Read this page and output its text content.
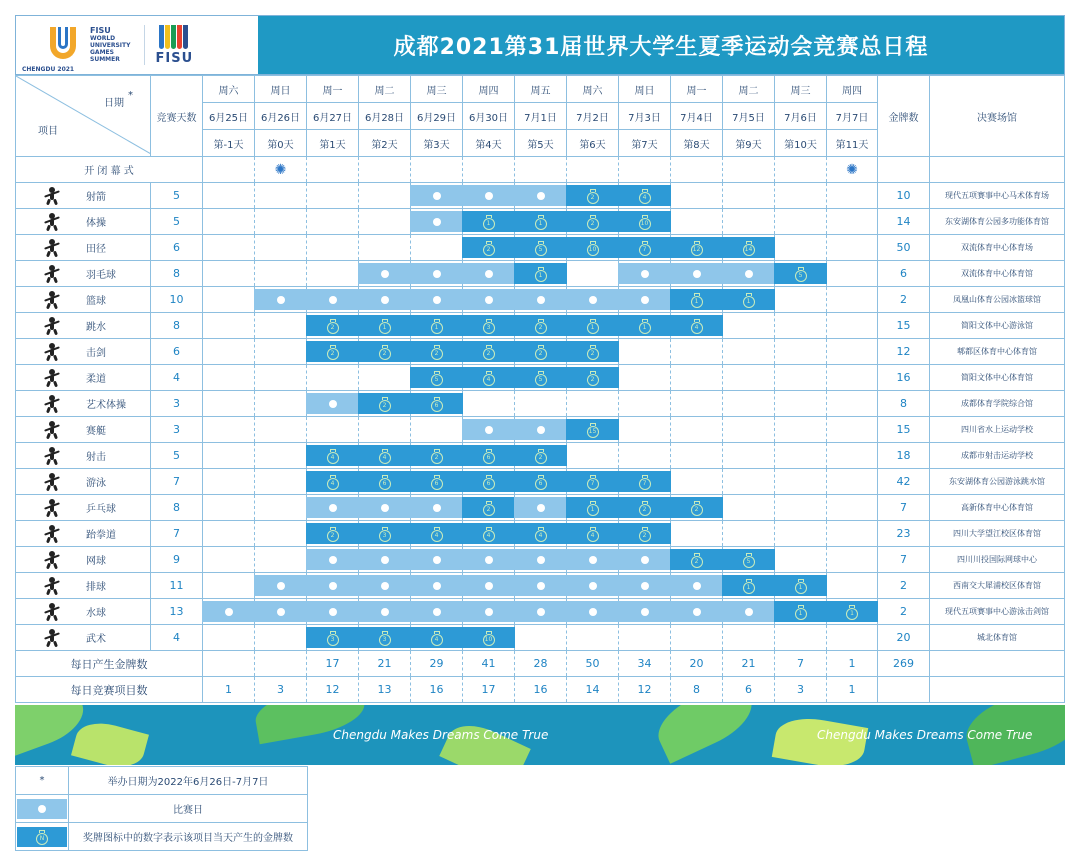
CHENGDU 2021
FISU
WORLD
UNIVERSITY
GAMES
SUMMER	FISU	成都2021第31届世界大学生夏季运动会竞赛总日程
日期
*
项目	竞赛天数	周六	周日	周一	周二	周三	周四	周五	周六	周日	周一	周二	周三	周四	金牌数	决赛场馆
		6月25日	6月26日	6月27日	6月28日	6月29日	6月30日	7月1日	7月2日	7月3日	7月4日	7月5日	7月6日	7月7日		
		第-1天	第0天	第1天	第2天	第3天	第4天	第5天	第6天	第7天	第8天	第9天	第10天	第11天		
开 闭 幕 式			✺											✺		

射箭	5								2	4					10	现代五项赛事中心马术体育场

体操	5						1	1	2	10					14	东安湖体育公园多功能体育馆

田径	6						2	5	10	7	12	14			50	双流体育中心体育场

羽毛球	8							1					5		6	双流体育中心体育馆

篮球	10										1	1			2	凤凰山体育公园冰篮球馆

跳水	8			2	1	1	3	2	1	1	4				15	简阳文体中心游泳馆

击剑	6			2	2	2	2	2	2						12	郫都区体育中心体育馆

柔道	4					5	4	5	2						16	简阳文体中心体育馆

艺术体操	3				2	6									8	成都体育学院综合馆

赛艇	3								15						15	四川省水上运动学校

射击	5			4	4	2	6	2							18	成都市射击运动学校

游泳	7			4	6	6	6	6	7	7					42	东安湖体育公园游泳跳水馆

乒乓球	8						2		1	2	2				7	高新体育中心体育馆

跆拳道	7			2	3	4	4	4	4	2					23	四川大学望江校区体育馆

网球	9										2	5			7	四川川投国际网球中心

排球	11											1	1		2	西南交大犀浦校区体育馆

水球	13												1	1	2	现代五项赛事中心游泳击剑馆

武术	4			3	3	4	10								20	城北体育馆
每日产生金牌数				17	21	29	41	28	50	34	20	21	7	1	269	
每日竞赛项目数		1	3	12	13	16	17	16	14	12	8	6	3	1		
Chengdu Makes Dreams Come True	Chengdu Makes Dreams Come True
*	举办日期为2022年6月26日-7月7日

	比赛日

N	奖牌图标中的数字表示该项目当天产生的金牌数
